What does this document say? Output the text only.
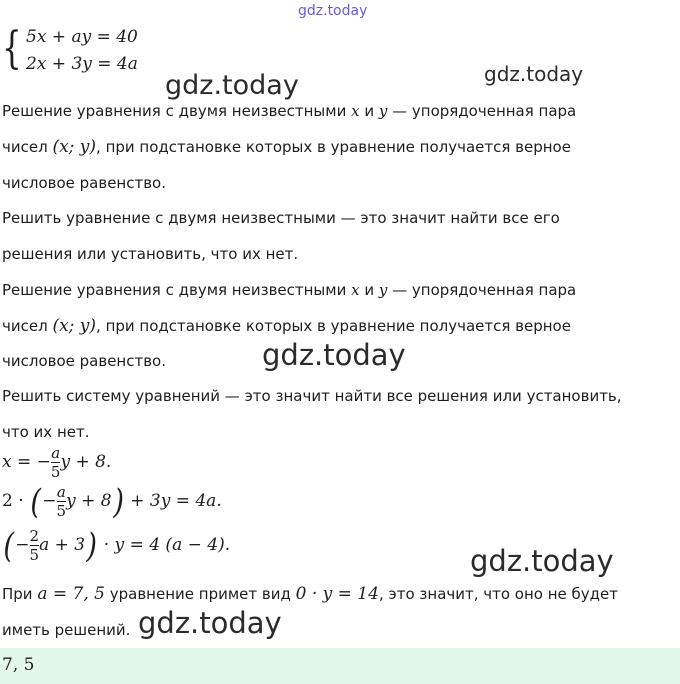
gdz.today
gdz.today	gdz.today
gdz.today
gdz.today
gdz.today
{ 5x + ay = 40
2x + 3y = 4a
Решение уравнения с двумя неизвестными x и y — упорядоченная пара
чисел (x; y), при подстановке которых в уравнение получается верное
числовое равенство.
Решить уравнение с двумя неизвестными — это значит найти все его
решения или установить, что их нет.
Решение уравнения с двумя неизвестными x и y — упорядоченная пара
чисел (x; y), при подстановке которых в уравнение получается верное
числовое равенство.
Решить систему уравнений — это значит найти все решения или установить,
что их нет.
x = − $\frac{a}{5}$ y + 8.
2 · (− $\frac{a}{5}$ y + 8) + 3y = 4a.
(− $\frac{2}{5}$ a + 3) · y = 4 (a − 4).
При a = 7, 5 уравнение примет вид 0 · y = 14, это значит, что оно не будет
иметь решений.
7, 5
